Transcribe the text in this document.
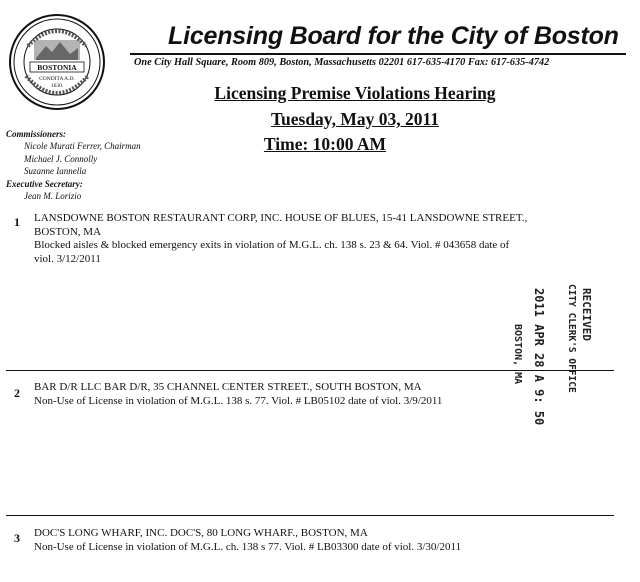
BOSTONIA
CONDITA A.D.
1630.
Licensing Board for the City of Boston
One City Hall Square, Room 809, Boston, Massachusetts 02201 617-635-4170 Fax: 617-635-4742
Licensing Premise Violations Hearing
Tuesday, May 03, 2011
Time: 10:00 AM
Commissioners:
Nicole Murati Ferrer, Chairman
Michael J. Connolly
Suzanne Iannella
Executive Secretary:
Jean M. Lorizio
1 LANSDOWNE BOSTON RESTAURANT CORP, INC. HOUSE OF BLUES, 15-41 LANSDOWNE STREET.,
BOSTON, MA
Blocked aisles & blocked emergency exits in violation of M.G.L. ch. 138 s. 23 & 64. Viol. # 043658 date of
viol. 3/12/2011
2 BAR D/R LLC BAR D/R, 35 CHANNEL CENTER STREET., SOUTH BOSTON, MA
Non-Use of License in violation of M.G.L. 138 s. 77. Viol. # LB05102 date of viol. 3/9/2011
3 DOC'S LONG WHARF, INC. DOC'S, 80 LONG WHARF., BOSTON, MA
Non-Use of License in violation of M.G.L. ch. 138 s 77. Viol. # LB03300 date of viol. 3/30/2011
RECEIVED
CITY CLERK'S OFFICE
2011 APR 28 A 9: 50
BOSTON, MA
